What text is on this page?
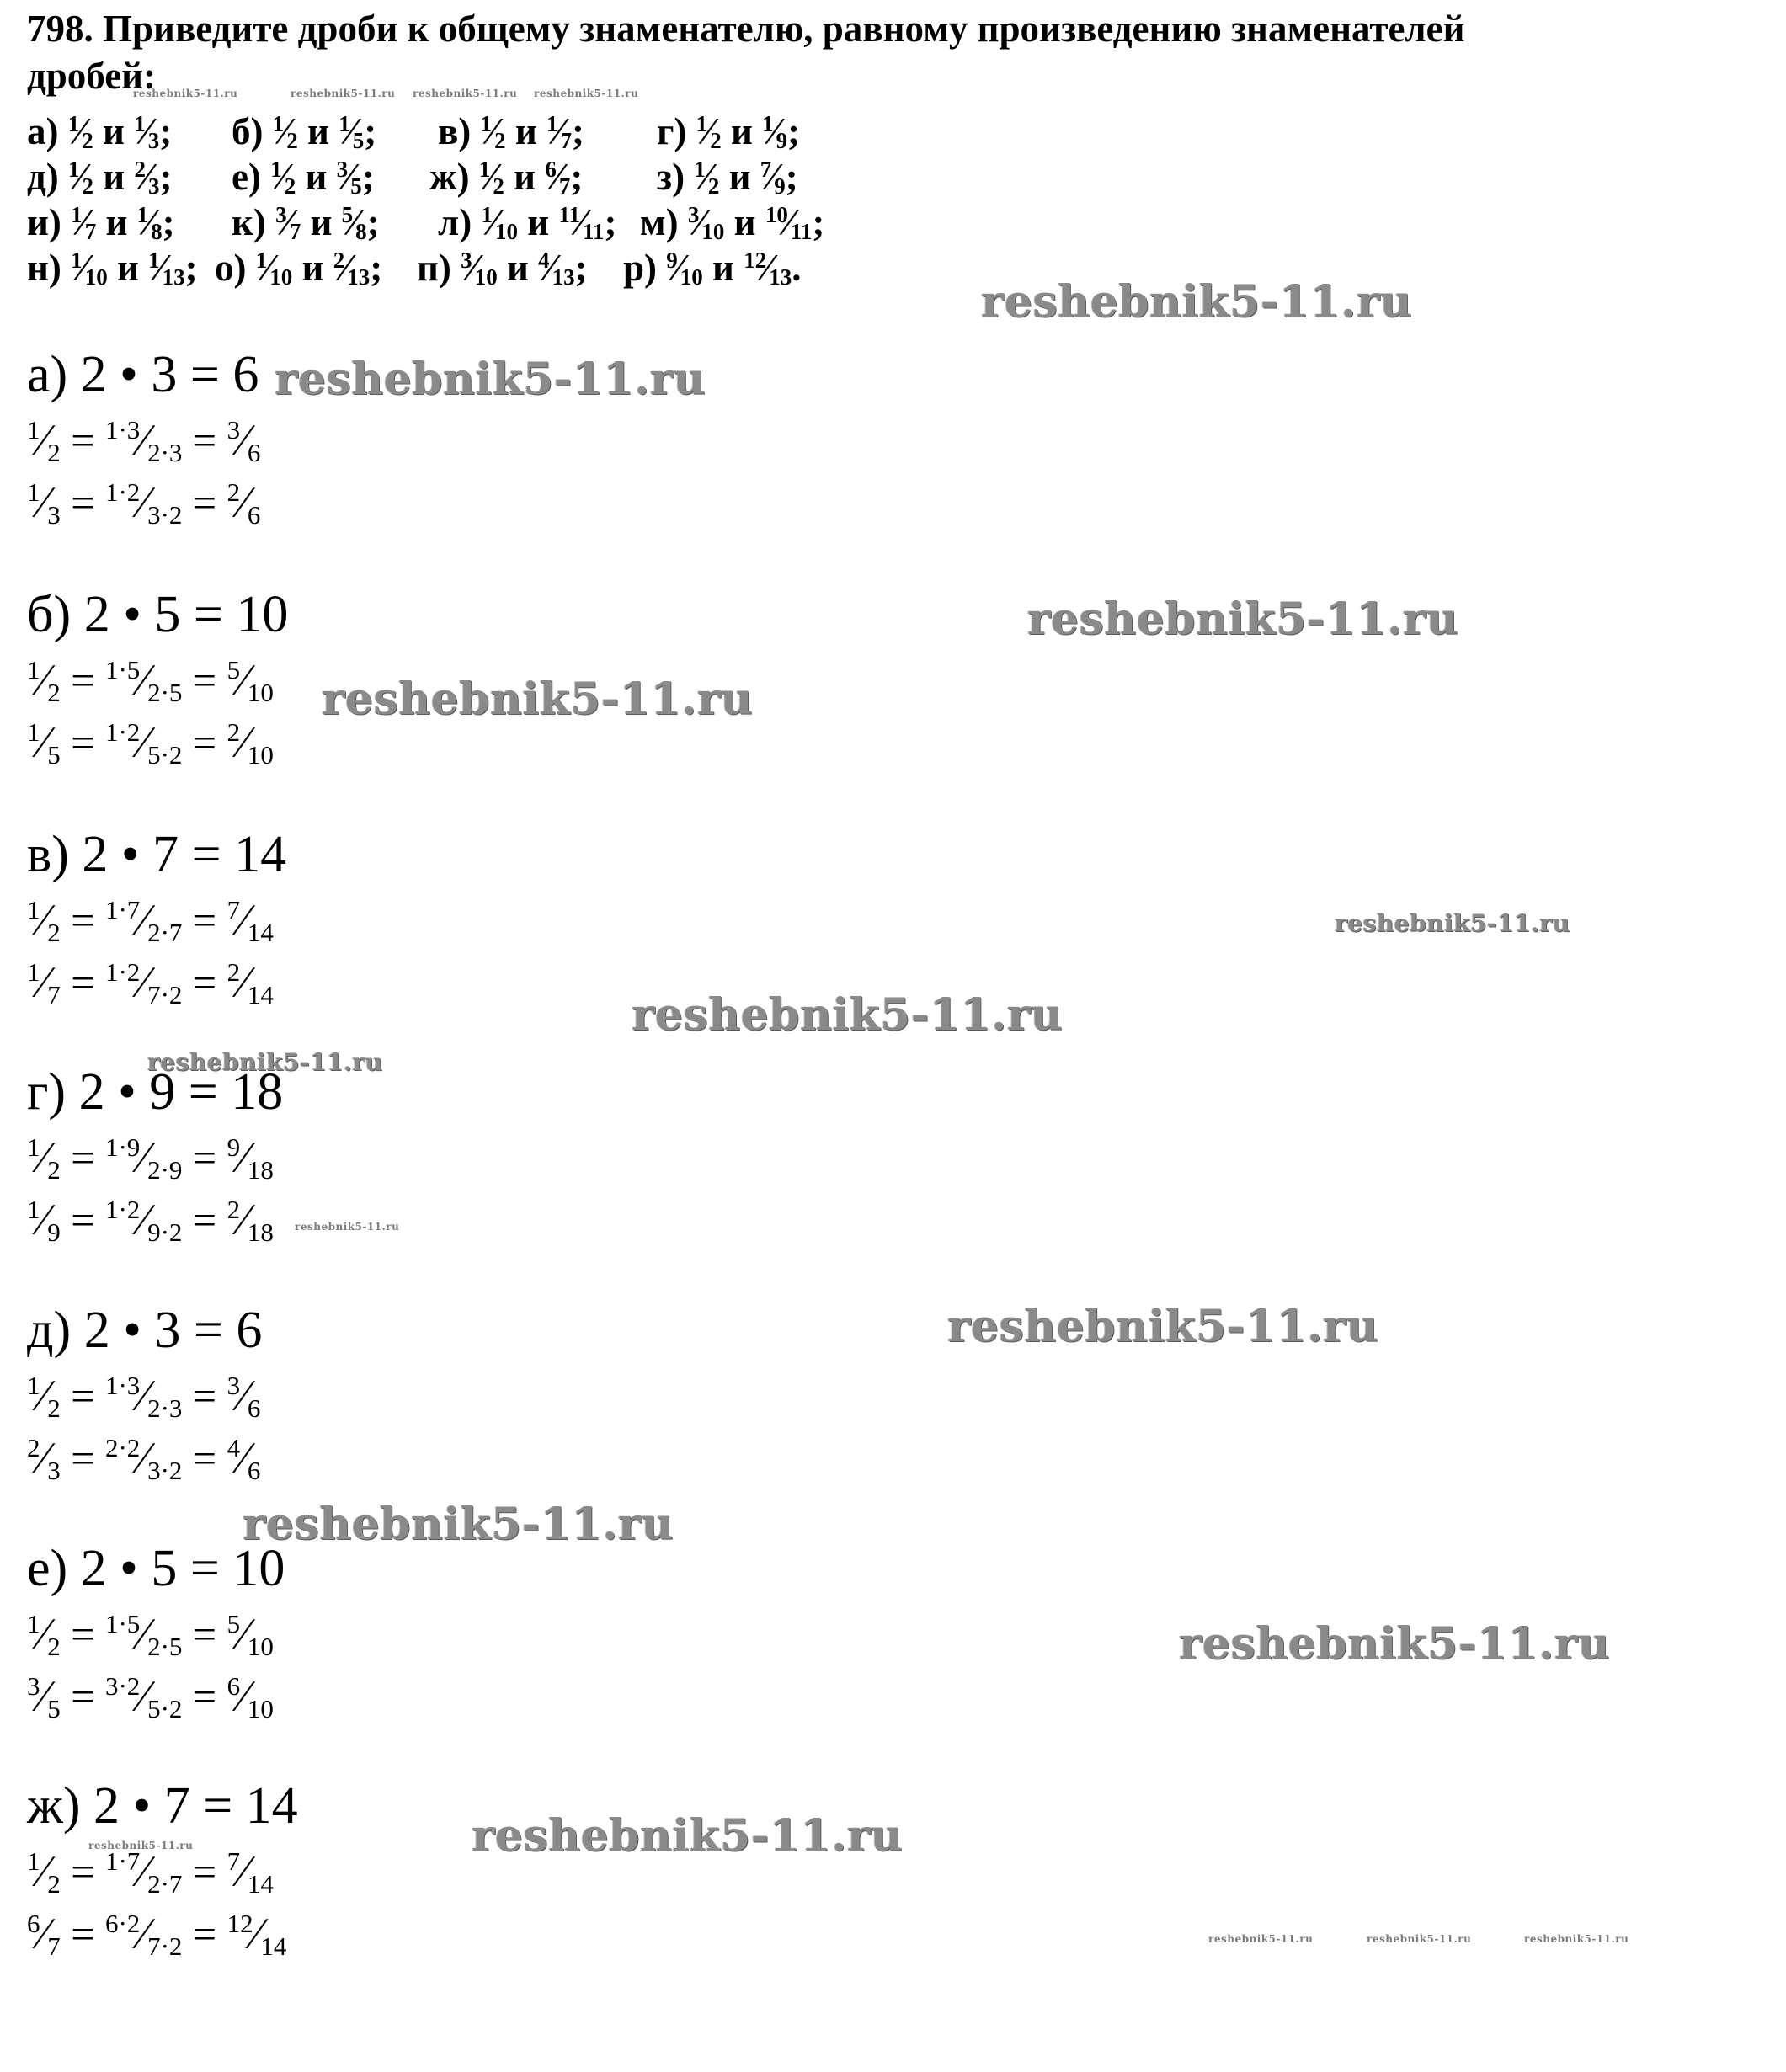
798. Приведите дроби к общему знаменателю, равному произведению знаменателей
дробей:
а) $^1$⁄2 и $^1$⁄3; б) $^1$⁄2 и $^1$⁄5; в) $^1$⁄2 и $^1$⁄7; г) $^1$⁄2 и $^1$⁄9;
д) $^1$⁄2 и $^2$⁄3; е) $^1$⁄2 и $^3$⁄5; ж) $^1$⁄2 и $^6$⁄7; з) $^1$⁄2 и $^7$⁄9;
и) $^1$⁄7 и $^1$⁄8; к) $^3$⁄7 и $^5$⁄8; л) $^1$⁄10 и $^{11}$⁄11; м) $^3$⁄10 и $^{10}$⁄11;
н) $^1$⁄10 и $^1$⁄13; о) $^1$⁄10 и $^2$⁄13; п) $^3$⁄10 и $^4$⁄13; р) $^9$⁄10 и $^{12}$⁄13.
а) 2 • 3 = 6
$^1$⁄2 = $^{1\cdot 3}$⁄2·3 = $^3$⁄6
$^1$⁄3 = $^{1\cdot 2}$⁄3·2 = $^2$⁄6
б) 2 • 5 = 10
$^1$⁄2 = $^{1\cdot 5}$⁄2·5 = $^5$⁄10
$^1$⁄5 = $^{1\cdot 2}$⁄5·2 = $^2$⁄10
в) 2 • 7 = 14
$^1$⁄2 = $^{1\cdot 7}$⁄2·7 = $^7$⁄14
$^1$⁄7 = $^{1\cdot 2}$⁄7·2 = $^2$⁄14
г) 2 • 9 = 18
$^1$⁄2 = $^{1\cdot 9}$⁄2·9 = $^9$⁄18
$^1$⁄9 = $^{1\cdot 2}$⁄9·2 = $^2$⁄18
д) 2 • 3 = 6
$^1$⁄2 = $^{1\cdot 3}$⁄2·3 = $^3$⁄6
$^2$⁄3 = $^{2\cdot 2}$⁄3·2 = $^4$⁄6
е) 2 • 5 = 10
$^1$⁄2 = $^{1\cdot 5}$⁄2·5 = $^5$⁄10
$^3$⁄5 = $^{3\cdot 2}$⁄5·2 = $^6$⁄10
ж) 2 • 7 = 14
$^1$⁄2 = $^{1\cdot 7}$⁄2·7 = $^7$⁄14
$^6$⁄7 = $^{6\cdot 2}$⁄7·2 = $^{12}$⁄14
reshebnik5-11.ru
reshebnik5-11.ru
reshebnik5-11.ru
reshebnik5-11.ru
reshebnik5-11.ru
reshebnik5-11.ru
reshebnik5-11.ru
reshebnik5-11.ru
reshebnik5-11.ru
reshebnik5-11.ru
reshebnik5-11.ru
reshebnik5-11.ru	reshebnik5-11.ru reshebnik5-11.ru reshebnik5-11.ru
reshebnik5-11.ru
reshebnik5-11.ru
reshebnik5-11.ru	reshebnik5-11.ru	reshebnik5-11.ru
